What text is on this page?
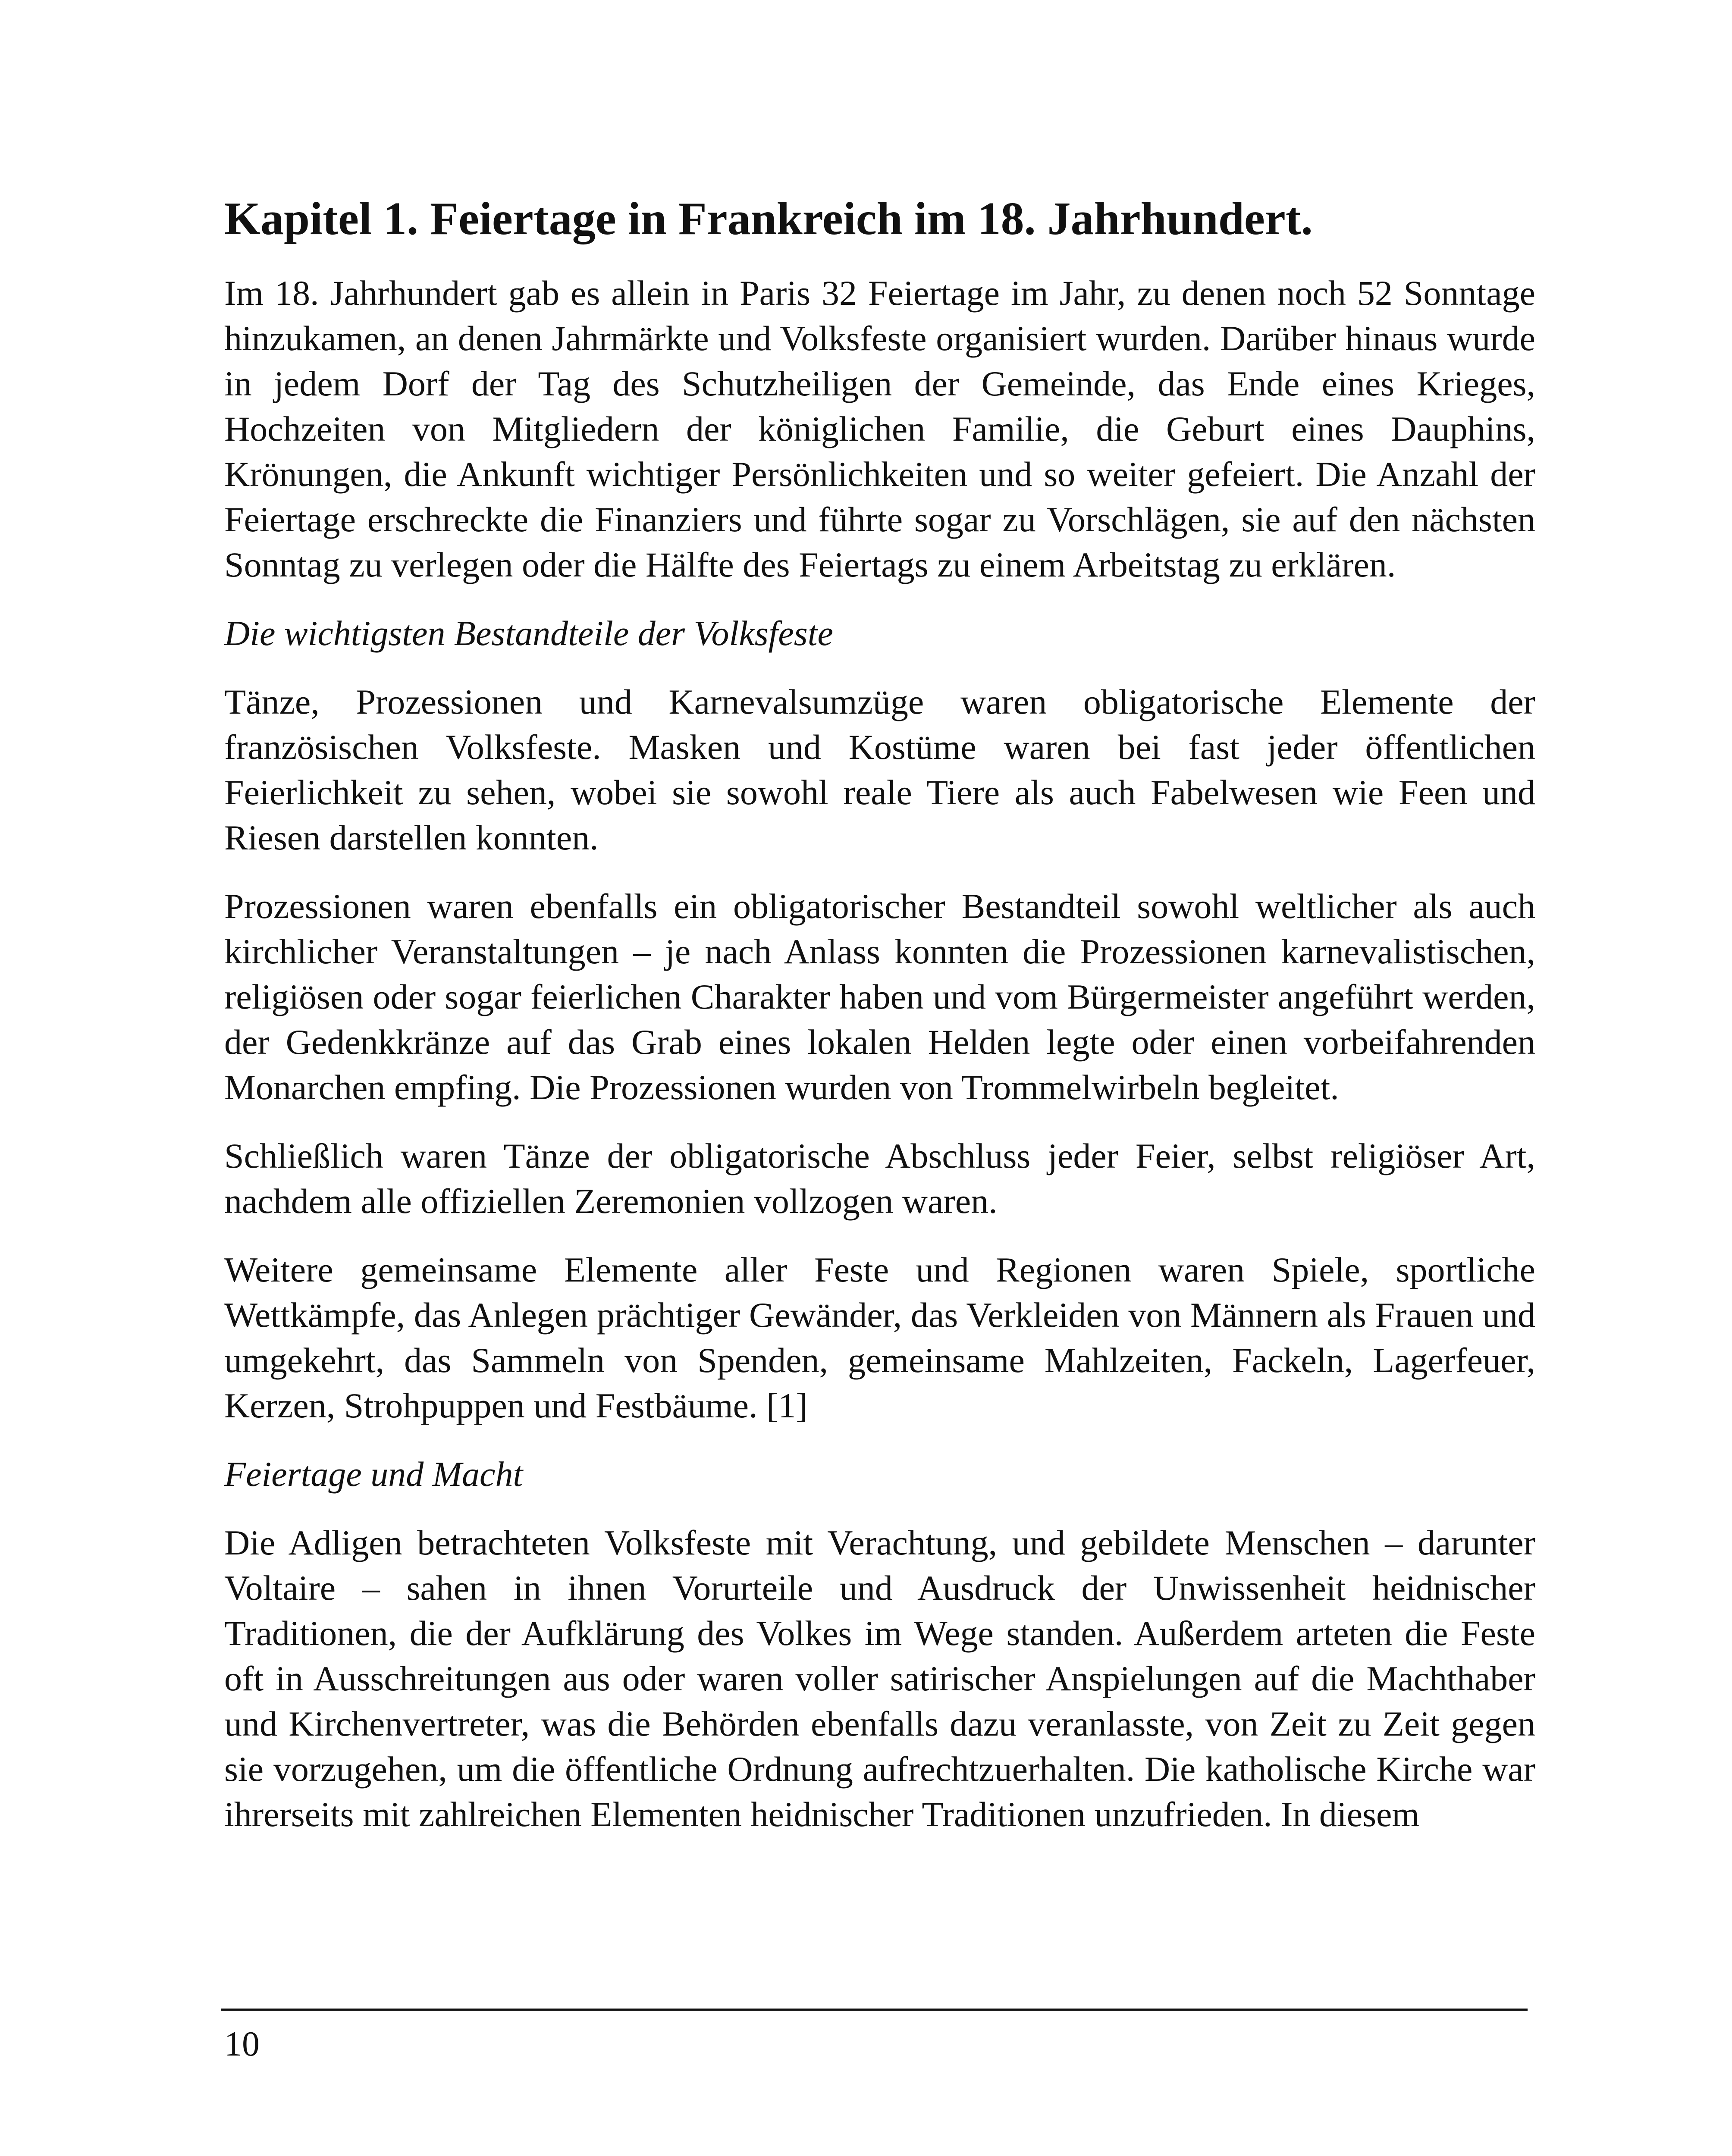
Kapitel 1. Feiertage in Frankreich im 18. Jahrhundert.

Im 18. Jahrhundert gab es allein in Paris 32 Feiertage im Jahr, zu denen noch 52 Sonntage hinzukamen, an denen Jahrmärkte und Volksfeste organisiert wurden. Darüber hinaus wurde in jedem Dorf der Tag des Schutzheiligen der Gemeinde, das Ende eines Krieges, Hochzeiten von Mitgliedern der königlichen Familie, die Geburt eines Dauphins, Krönungen, die Ankunft wichtiger Persönlichkeiten und so weiter gefeiert. Die Anzahl der Feiertage erschreckte die Finanziers und führte sogar zu Vorschlägen, sie auf den nächsten Sonntag zu verlegen oder die Hälfte des Feiertags zu einem Arbeitstag zu erklären.

Die wichtigsten Bestandteile der Volksfeste

Tänze, Prozessionen und Karnevalsumzüge waren obligatorische Elemente der französischen Volksfeste. Masken und Kostüme waren bei fast jeder öffentlichen Feierlichkeit zu sehen, wobei sie sowohl reale Tiere als auch Fabelwesen wie Feen und Riesen darstellen konnten.

Prozessionen waren ebenfalls ein obligatorischer Bestandteil sowohl weltlicher als auch kirchlicher Veranstaltungen – je nach Anlass konnten die Prozessionen karnevalistischen, religiösen oder sogar feierlichen Charakter haben und vom Bürgermeister angeführt werden, der Gedenkkränze auf das Grab eines lokalen Helden legte oder einen vorbeifahrenden Monarchen empfing. Die Prozessionen wurden von Trommelwirbeln begleitet.

Schließlich waren Tänze der obligatorische Abschluss jeder Feier, selbst religiöser Art, nachdem alle offiziellen Zeremonien vollzogen waren.

Weitere gemeinsame Elemente aller Feste und Regionen waren Spiele, sportliche Wettkämpfe, das Anlegen prächtiger Gewänder, das Verkleiden von Männern als Frauen und umgekehrt, das Sammeln von Spenden, gemeinsame Mahlzeiten, Fackeln, Lagerfeuer, Kerzen, Strohpuppen und Festbäume. [1]

Feiertage und Macht

Die Adligen betrachteten Volksfeste mit Verachtung, und gebildete Menschen – darunter Voltaire – sahen in ihnen Vorurteile und Ausdruck der Unwissenheit heidnischer Traditionen, die der Aufklärung des Volkes im Wege standen. Außerdem arteten die Feste oft in Ausschreitungen aus oder waren voller satirischer Anspielungen auf die Machthaber und Kirchenvertreter, was die Behörden ebenfalls dazu veranlasste, von Zeit zu Zeit gegen sie vorzugehen, um die öffentliche Ordnung aufrechtzuerhalten. Die katholische Kirche war ihrerseits mit zahlreichen Elementen heidnischer Traditionen unzufrieden. In diesem

10
